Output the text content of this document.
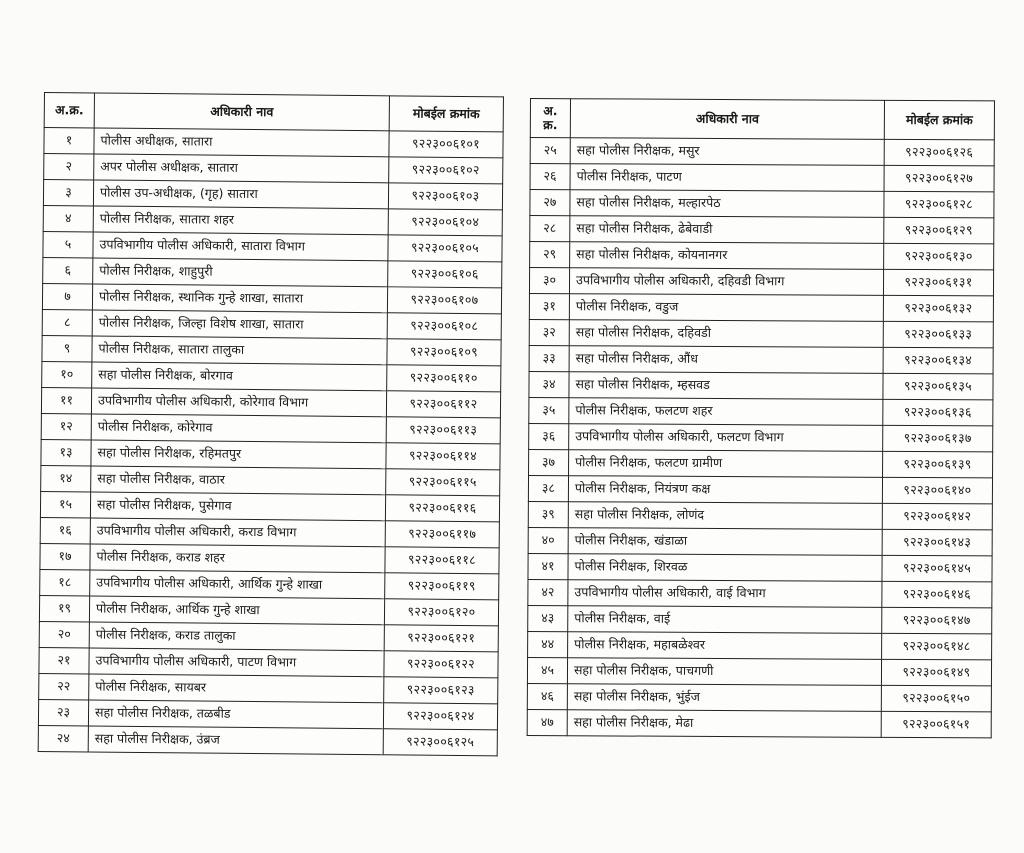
अ.क्र.	अधिकारी नाव	मोबईल क्रमांक
१	पोलीस अधीक्षक, सातारा	९२२३००६१०१
२	अपर पोलीस अधीक्षक, सातारा	९२२३००६१०२
३	पोलीस उप-अधीक्षक, (गृह) सातारा	९२२३००६१०३
४	पोलीस निरीक्षक, सातारा शहर	९२२३००६१०४
५	उपविभागीय पोलीस अधिकारी, सातारा विभाग	९२२३००६१०५
६	पोलीस निरीक्षक, शाहुपुरी	९२२३००६१०६
७	पोलीस निरीक्षक, स्थानिक गुन्हे शाखा, सातारा	९२२३००६१०७
८	पोलीस निरीक्षक, जिल्हा विशेष शाखा, सातारा	९२२३००६१०८
९	पोलीस निरीक्षक, सातारा तालुका	९२२३००६१०९
१०	सहा पोलीस निरीक्षक, बोरगाव	९२२३००६११०
११	उपविभागीय पोलीस अधिकारी, कोरेगाव विभाग	९२२३००६११२
१२	पोलीस निरीक्षक, कोरेगाव	९२२३००६११३
१३	सहा पोलीस निरीक्षक, रहिमतपुर	९२२३००६११४
१४	सहा पोलीस निरीक्षक, वाठार	९२२३००६११५
१५	सहा पोलीस निरीक्षक, पुसेगाव	९२२३००६११६
१६	उपविभागीय पोलीस अधिकारी, कराड विभाग	९२२३००६११७
१७	पोलीस निरीक्षक, कराड शहर	९२२३००६११८
१८	उपविभागीय पोलीस अधिकारी, आर्थिक गुन्हे शाखा	९२२३००६११९
१९	पोलीस निरीक्षक, आर्थिक गुन्हे शाखा	९२२३००६१२०
२०	पोलीस निरीक्षक, कराड तालुका	९२२३००६१२१
२१	उपविभागीय पोलीस अधिकारी, पाटण विभाग	९२२३००६१२२
२२	पोलीस निरीक्षक, सायबर	९२२३००६१२३
२३	सहा पोलीस निरीक्षक, तळबीड	९२२३००६१२४
२४	सहा पोलीस निरीक्षक, उंब्रज	९२२३००६१२५
अ. क्र.	अधिकारी नाव	मोबईल क्रमांक
२५	सहा पोलीस निरीक्षक, मसुर	९२२३००६१२६
२६	पोलीस निरीक्षक, पाटण	९२२३००६१२७
२७	सहा पोलीस निरीक्षक, मल्हारपेठ	९२२३००६१२८
२८	सहा पोलीस निरीक्षक, ढेबेवाडी	९२२३००६१२९
२९	सहा पोलीस निरीक्षक, कोयनानगर	९२२३००६१३०
३०	उपविभागीय पोलीस अधिकारी, दहिवडी विभाग	९२२३००६१३१
३१	पोलीस निरीक्षक, वडुज	९२२३००६१३२
३२	सहा पोलीस निरीक्षक, दहिवडी	९२२३००६१३३
३३	सहा पोलीस निरीक्षक, औंध	९२२३००६१३४
३४	सहा पोलीस निरीक्षक, म्हसवड	९२२३००६१३५
३५	पोलीस निरीक्षक, फलटण शहर	९२२३००६१३६
३६	उपविभागीय पोलीस अधिकारी, फलटण विभाग	९२२३००६१३७
३७	पोलीस निरीक्षक, फलटण ग्रामीण	९२२३००६१३९
३८	पोलीस निरीक्षक, नियंत्रण कक्ष	९२२३००६१४०
३९	सहा पोलीस निरीक्षक, लोणंद	९२२३००६१४२
४०	पोलीस निरीक्षक, खंडाळा	९२२३००६१४३
४१	पोलीस निरीक्षक, शिरवळ	९२२३००६१४५
४२	उपविभागीय पोलीस अधिकारी, वाई विभाग	९२२३००६१४६
४३	पोलीस निरीक्षक, वाई	९२२३००६१४७
४४	पोलीस निरीक्षक, महाबळेश्वर	९२२३००६१४८
४५	सहा पोलीस निरीक्षक, पाचगणी	९२२३००६१४९
४६	सहा पोलीस निरीक्षक, भुंईज	९२२३००६१५०
४७	सहा पोलीस निरीक्षक, मेढा	९२२३००६१५१
